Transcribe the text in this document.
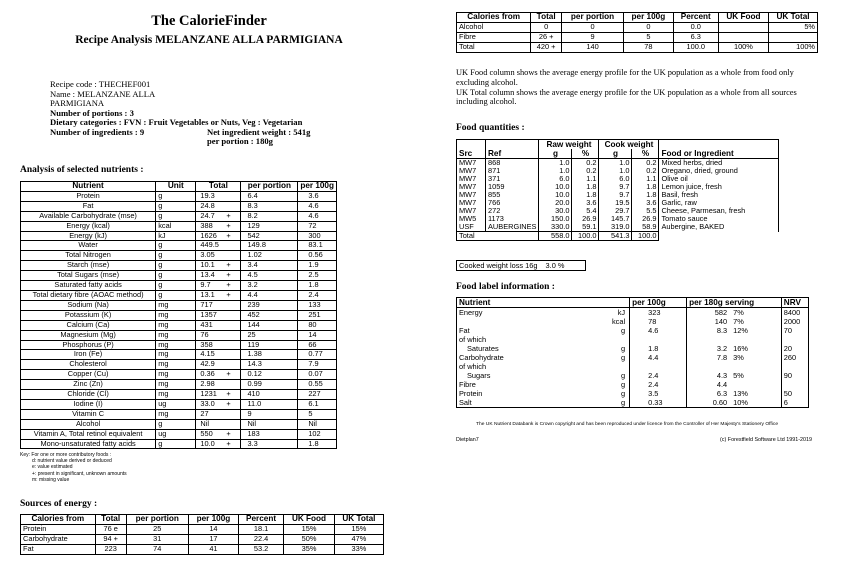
The CalorieFinder
Recipe Analysis MELANZANE ALLA PARMIGIANA
Recipe code : THECHEF001
Name : MELANZANE ALLA
PARMIGIANA
Number of portions : 3
Dietary categories : FVN : Fruit Vegetables or Nuts, Veg : Vegetarian
Number of ingredients : 9	Net ingredient weight : 541g
per portion : 180g
Analysis of selected nutrients :
Nutrient	Unit	Total	per portion	per 100g
Protein	g	19.3	6.4	3.6
Fat	g	24.8	8.3	4.6
Available Carbohydrate (mse)	g	24.7 +	8.2	4.6
Energy (kcal)	kcal	388 +	129	72
Energy (kJ)	kJ	1626 +	542	300
Water	g	449.5	149.8	83.1
Total Nitrogen	g	3.05	1.02	0.56
Starch (mse)	g	10.1 +	3.4	1.9
Total Sugars (mse)	g	13.4 +	4.5	2.5
Saturated fatty acids	g	9.7 +	3.2	1.8
Total dietary fibre (AOAC method)	g	13.1 +	4.4	2.4
Sodium (Na)	mg	717	239	133
Potassium (K)	mg	1357	452	251
Calcium (Ca)	mg	431	144	80
Magnesium (Mg)	mg	76	25	14
Phosphorus (P)	mg	358	119	66
Iron (Fe)	mg	4.15	1.38	0.77
Cholesterol	mg	42.9	14.3	7.9
Copper (Cu)	mg	0.36 +	0.12	0.07
Zinc (Zn)	mg	2.98	0.99	0.55
Chloride (Cl)	mg	1231 +	410	227
Iodine (I)	ug	33.0 +	11.0	6.1
Vitamin C	mg	27	9	5
Alcohol	g	Nil	Nil	Nil
Vitamin A, Total retinol equivalent	ug	550 +	183	102
Mono-unsaturated fatty acids	g	10.0 +	3.3	1.8
Key: For one or more contributory foods :
d: nutrient value derived or deduced
e: value estimated
+: present in significant, unknown amounts
m: missing value
Sources of energy :
Calories from	Total	per portion	per 100g	Percent	UK Food	UK Total
Protein	76 e	25	14	18.1	15%	15%
Carbohydrate	94 +	31	17	22.4	50%	47%
Fat	223	74	41	53.2	35%	33%
Calories from	Total	per portion	per 100g	Percent	UK Food	UK Total
Alcohol	0	0	0	0.0		5%
Fibre	26 +	9	5	6.3		
Total	420 +	140	78	100.0	100%	100%
UK Food column shows the average energy profile for the UK population as a whole from food only excluding alcohol.
UK Total column shows the average energy profile for the UK population as a whole from all sources including alcohol.
Food quantities :
Src	Ref	Raw weight		Cook weight		Food or Ingredient
		g	%	g	%	
MW7	868	1.0	0.2	1.0	0.2	Mixed herbs, dried
MW7	871	1.0	0.2	1.0	0.2	Oregano, dried, ground
MW7	371	6.0	1.1	6.0	1.1	Olive oil
MW7	1059	10.0	1.8	9.7	1.8	Lemon juice, fresh
MW7	855	10.0	1.8	9.7	1.8	Basil, fresh
MW7	766	20.0	3.6	19.5	3.6	Garlic, raw
MW7	272	30.0	5.4	29.7	5.5	Cheese, Parmesan, fresh
MW5	1173	150.0	26.9	145.7	26.9	Tomato sauce
USF	AUBERGINES	330.0	59.1	319.0	58.9	Aubergine, BAKED
Total		558.0	100.0	541.3	100.0	
Cooked weight loss 16g 3.0 %
Food label information :
Nutrient		per 100g	per 180g serving		NRV
Energy	kJ	323	582	7%	8400
	kcal	78	140	7%	2000
Fat	g	4.6	8.3	12%	70
of which					
Saturates	g	1.8	3.2	16%	20
Carbohydrate	g	4.4	7.8	3%	260
of which					
Sugars	g	2.4	4.3	5%	90
Fibre	g	2.4	4.4		
Protein	g	3.5	6.3	13%	50
Salt	g	0.33	0.60	10%	6
The UK Nutrient Databank is Crown copyright and has been reproduced under licence from the Controller of Her Majesty's Stationery Office
Dietplan7	(c) Forestfield Software Ltd 1991-2019
